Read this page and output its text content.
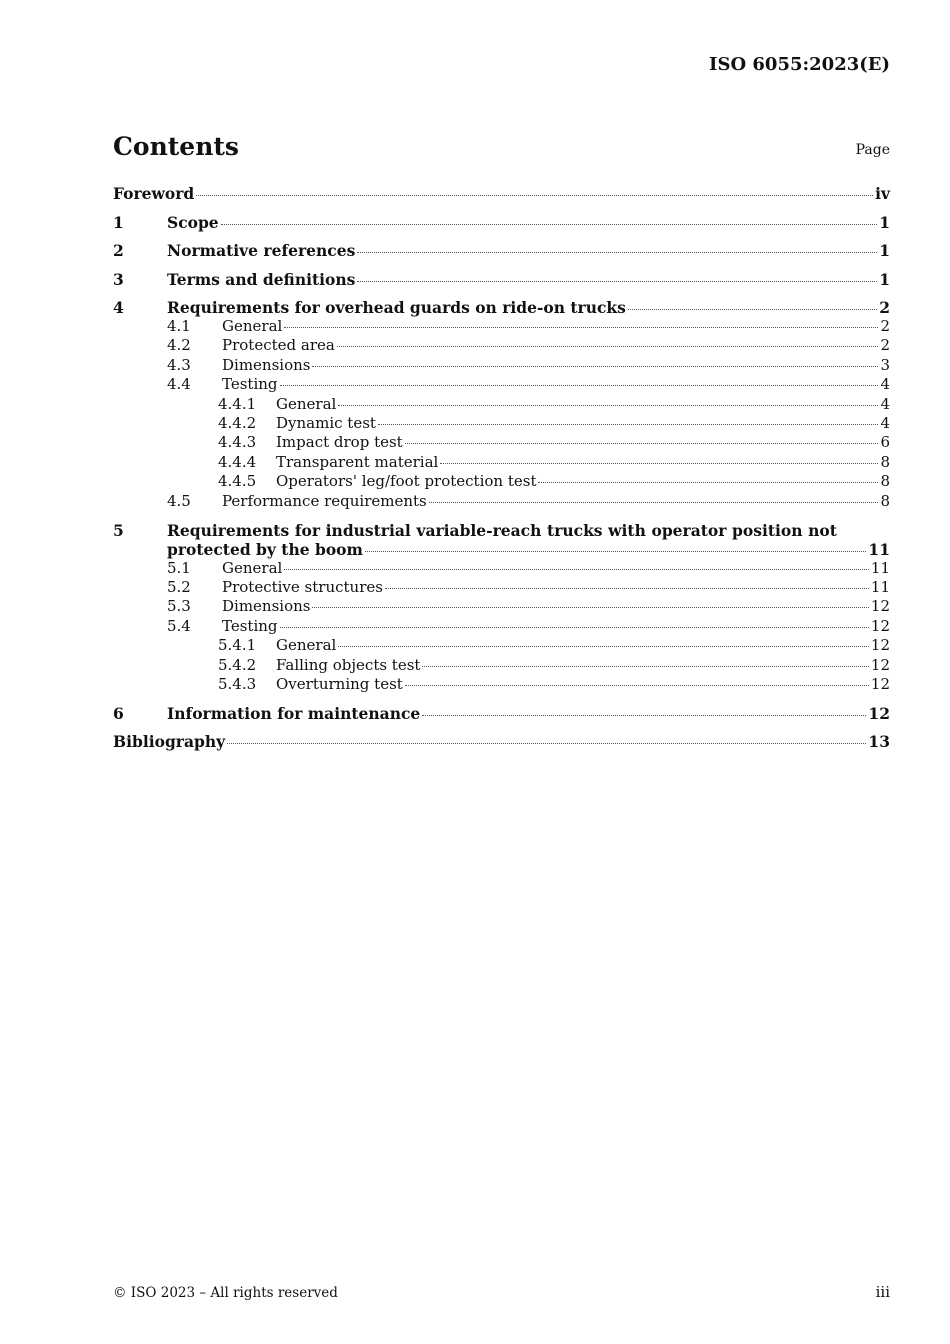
ISO 6055:2023(E)
Contents	Page
Foreword	iv
1	Scope	1
2	Normative references	1
3	Terms and definitions	1
4	Requirements for overhead guards on ride-on trucks	2
4.1	General	2
4.2	Protected area	2
4.3	Dimensions	3
4.4	Testing	4
4.4.1	General	4
4.4.2	Dynamic test	4
4.4.3	Impact drop test	6
4.4.4	Transparent material	8
4.4.5	Operators' leg/foot protection test	8
4.5	Performance requirements	8
5	Requirements for industrial variable-reach trucks with operator position not
protected by the boom	11
5.1	General	11
5.2	Protective structures	11
5.3	Dimensions	12
5.4	Testing	12
5.4.1	General	12
5.4.2	Falling objects test	12
5.4.3	Overturning test	12
6	Information for maintenance	12
Bibliography	13
© ISO 2023 – All rights reserved	iii
